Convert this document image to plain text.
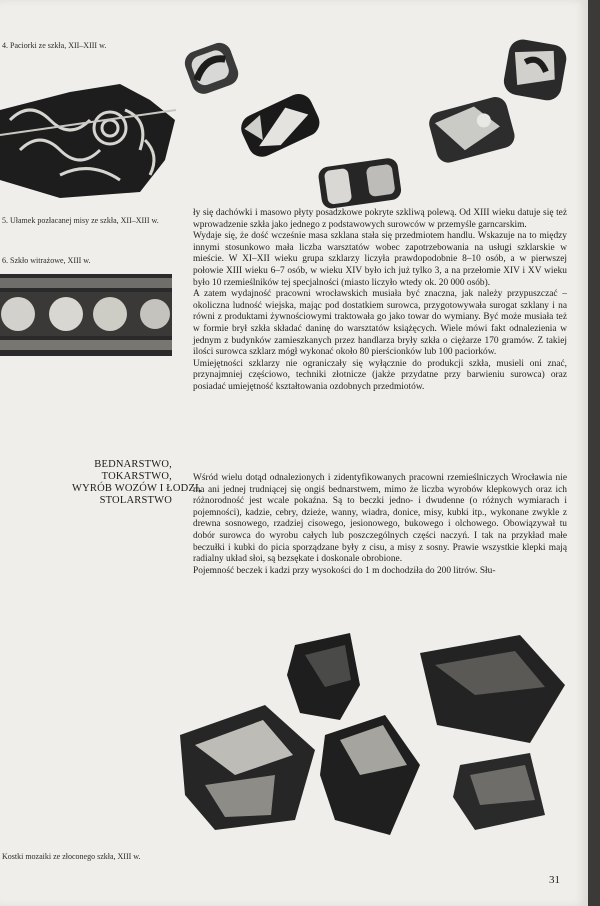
4. Paciorki ze szkła, XII–XIII w.
5. Ułamek pozłacanej misy ze szkła, XII–XIII w.
6. Szkło witrażowe, XIII w.

ły się dachówki i masowo płyty posadzkowe pokryte szkliwą polewą. Od XIII wieku datuje się też wprowadzenie szkła jako jednego z podstawowych surowców w przemyśle garncarskim.

Wydaje się, że dość wcześnie masa szklana stała się przedmiotem handlu. Wskazuje na to między innymi stosunkowo mała liczba warsztatów wobec zapotrzebowania na usługi szklarskie w mieście. W XI–XII wieku grupa szklarzy liczyła prawdopodobnie 8–10 osób, a w pierwszej połowie XIII wieku 6–7 osób, w wieku XIV było ich już tylko 3, a na przełomie XIV i XV wieku było 10 rzemieślników tej specjalności (miasto liczyło wtedy ok. 20 000 osób).

A zatem wydajność pracowni wrocławskich musiała być znaczna, jak należy przypuszczać – okoliczna ludność wiejska, mając pod dostatkiem surowca, przygotowywała surogat szklany i na równi z produktami żywnościowymi traktowała go jako towar do wymiany. Być może musiała też w formie brył szkła składać daninę do warsztatów książęcych. Wiele mówi fakt odnalezienia w jednym z budynków zamieszkanych przez handlarza bryły szkła o ciężarze 170 gramów. Z takiej ilości surowca szklarz mógł wykonać około 80 pierścionków lub 100 paciorków.

Umiejętności szklarzy nie ograniczały się wyłącznie do produkcji szkła, musieli oni znać, przynajmniej częściowo, techniki złotnicze (jakże przydatne przy barwieniu surowca) oraz posiadać umiejętność kształtowania ozdobnych przedmiotów.

BEDNARSTWO,
TOKARSTWO,
WYRÓB WOZÓW I ŁODZI,
STOLARSTWO

Wśród wielu dotąd odnalezionych i zidentyfikowanych pracowni rzemieślniczych Wrocławia nie ma ani jednej trudniącej się ongiś bednarstwem, mimo że liczba wyrobów klepkowych oraz ich różnorodność jest wcale pokaźna. Są to beczki jedno- i dwudenne (o różnych wymiarach i pojemności), kadzie, cebry, dzieże, wanny, wiadra, donice, misy, kubki itp., wykonane zwykle z drewna sosnowego, rzadziej cisowego, jesionowego, bukowego i olchowego. Obowiązywał tu dobór surowca do wyrobu całych lub poszczególnych części naczyń. I tak na przykład małe beczułki i kubki do picia sporządzane były z cisu, a misy z sosny. Prawie wszystkie klepki mają radialny układ słoi, są bezsękate i doskonale obrobione.

Pojemność beczek i kadzi przy wysokości do 1 m dochodziła do 200 litrów. Słu-

Kostki mozaiki ze złoconego szkła, XIII w.
31
